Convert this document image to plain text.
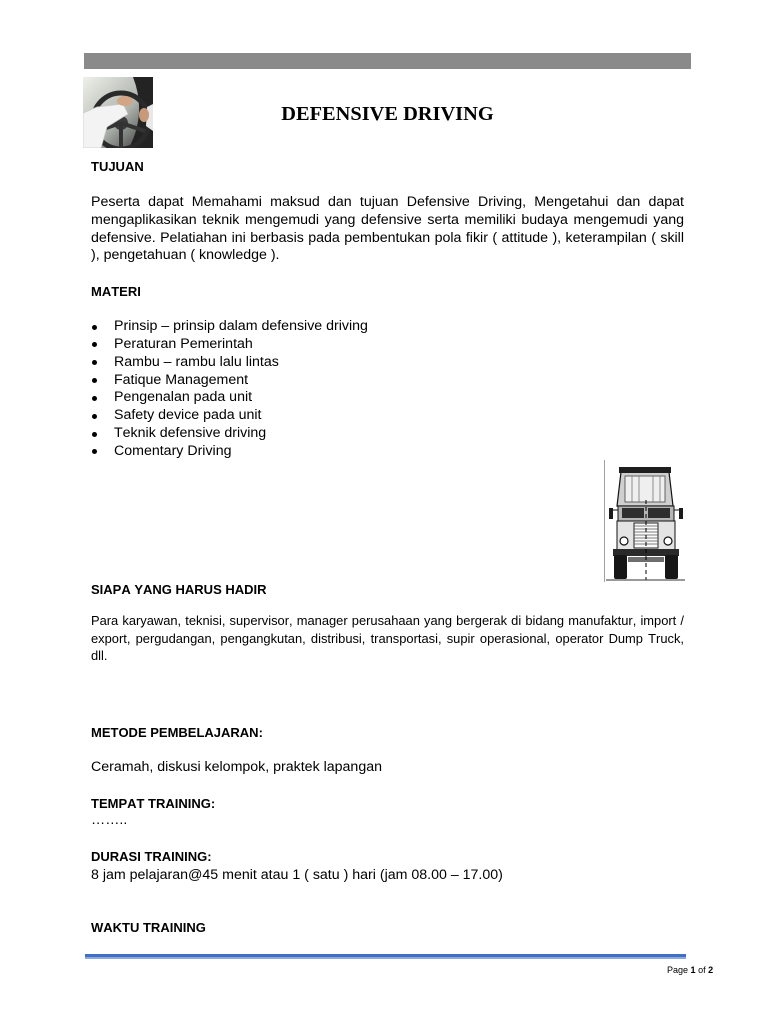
DEFENSIVE DRIVING
TUJUAN
Peserta dapat Memahami maksud dan tujuan Defensive Driving, Mengetahui dan dapat mengaplikasikan teknik mengemudi yang defensive serta memiliki budaya mengemudi yang defensive. Pelatiahan ini berbasis pada pembentukan pola fikir ( attitude ), keterampilan ( skill ), pengetahuan ( knowledge ).
MATERI
Prinsip – prinsip dalam defensive driving
Peraturan Pemerintah
Rambu – rambu lalu lintas
Fatique Management
Pengenalan pada unit
Safety device pada unit
Teknik defensive driving
Comentary Driving
SIAPA YANG HARUS HADIR
Para karyawan, teknisi, supervisor, manager perusahaan yang bergerak di bidang manufaktur, import / export, pergudangan, pengangkutan, distribusi, transportasi, supir operasional, operator Dump Truck, dll.
METODE PEMBELAJARAN:
Ceramah, diskusi kelompok, praktek lapangan
TEMPAT TRAINING:
……..
DURASI TRAINING:
8 jam pelajaran@45 menit atau 1 ( satu ) hari (jam 08.00 – 17.00)
WAKTU TRAINING
Page 1 of 2
